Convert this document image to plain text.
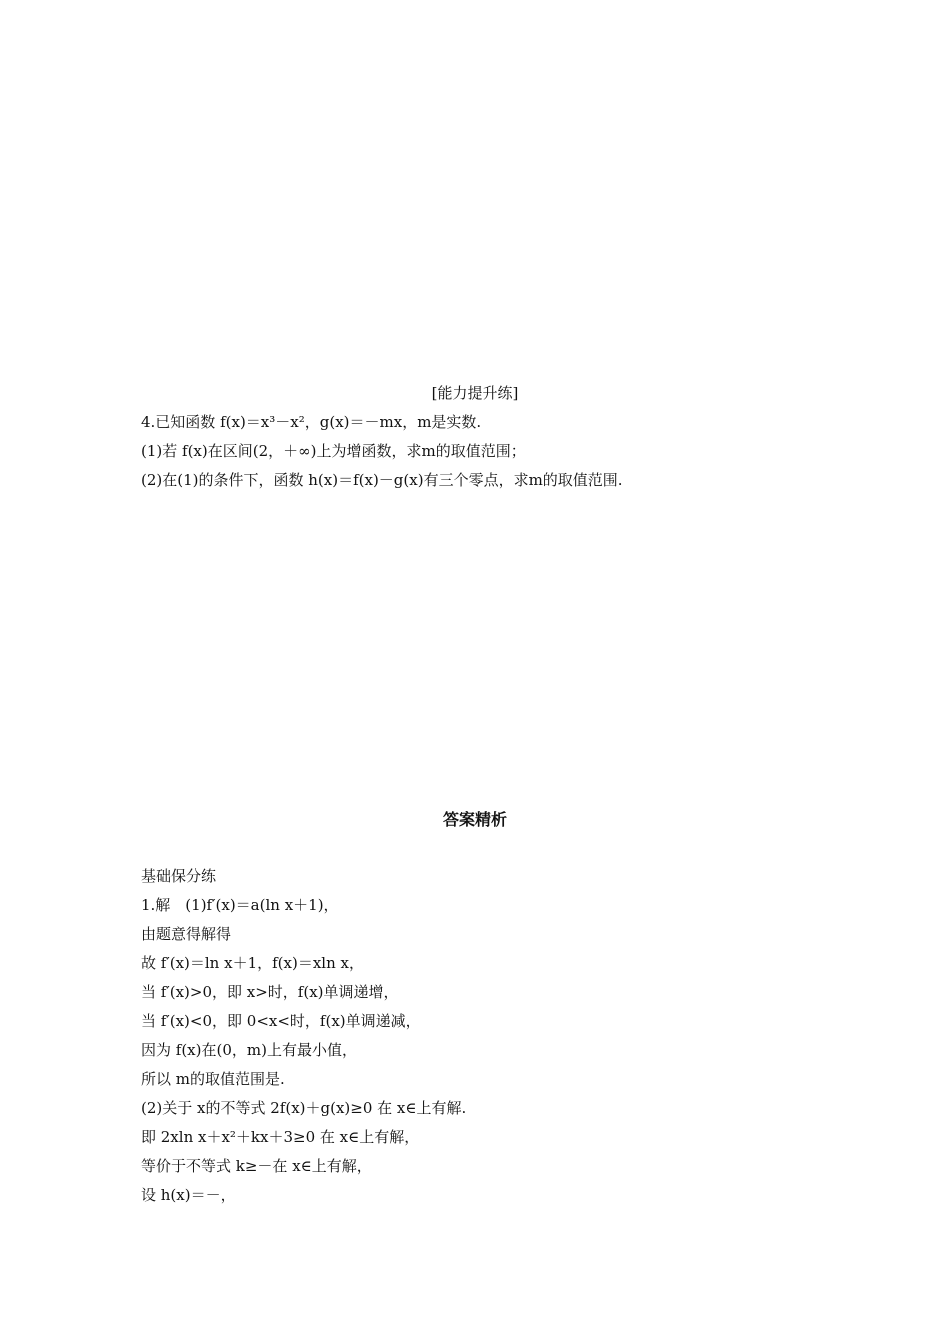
[能力提升练]
4.已知函数 f(x)＝x³－x²，g(x)＝－mx，m是实数.
(1)若 f(x)在区间(2，＋∞)上为增函数，求m的取值范围；
(2)在(1)的条件下，函数 h(x)＝f(x)－g(x)有三个零点，求m的取值范围.
答案精析
基础保分练
1.解　(1)f′(x)＝a(ln x＋1)，
由题意得解得
故 f′(x)＝ln x＋1，f(x)＝xln x，
当 f′(x)>0，即 x>时，f(x)单调递增，
当 f′(x)<0，即 0<x<时，f(x)单调递减，
因为 f(x)在(0，m)上有最小值，
所以 m的取值范围是.
(2)关于 x的不等式 2f(x)＋g(x)≥0 在 x∈上有解.
即 2xln x＋x²＋kx＋3≥0 在 x∈上有解，
等价于不等式 k≥－在 x∈上有解，
设 h(x)＝－，
